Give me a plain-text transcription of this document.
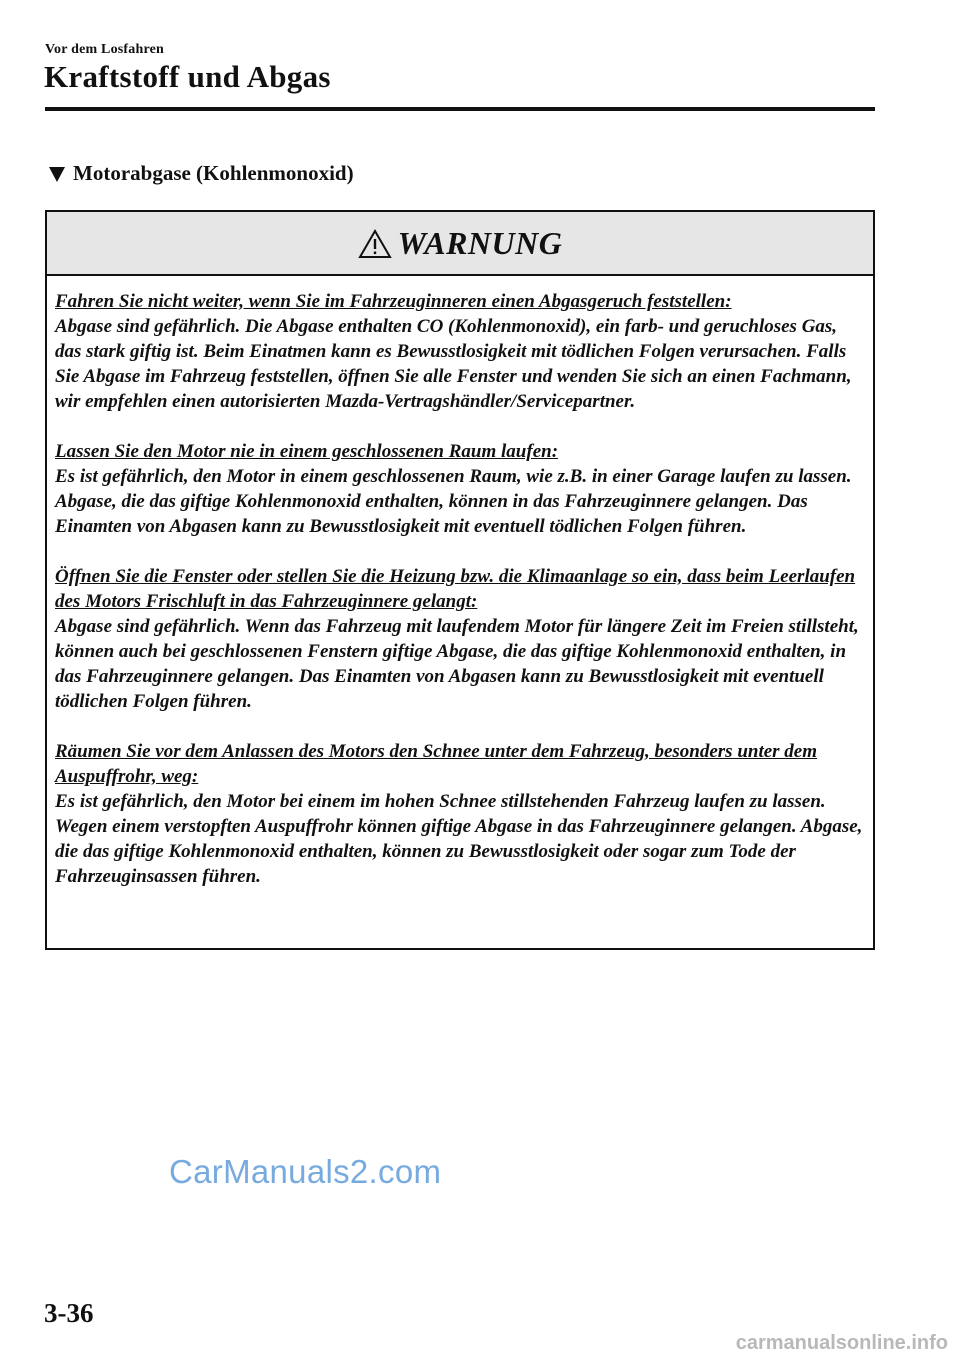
Vor dem Losfahren
Kraftstoff und Abgas
Motorabgase (Kohlenmonoxid)
WARNUNG
Fahren Sie nicht weiter, wenn Sie im Fahrzeuginneren einen Abgasgeruch feststellen:
Abgase sind gefährlich. Die Abgase enthalten CO (Kohlenmonoxid), ein farb- und geruchloses Gas, das stark giftig ist. Beim Einatmen kann es Bewusstlosigkeit mit tödlichen Folgen verursachen. Falls Sie Abgase im Fahrzeug feststellen, öffnen Sie alle Fenster und wenden Sie sich an einen Fachmann, wir empfehlen einen autorisierten Mazda-Vertragshändler/Servicepartner.
Lassen Sie den Motor nie in einem geschlossenen Raum laufen:
Es ist gefährlich, den Motor in einem geschlossenen Raum, wie z.B. in einer Garage laufen zu lassen. Abgase, die das giftige Kohlenmonoxid enthalten, können in das Fahrzeuginnere gelangen. Das Einamten von Abgasen kann zu Bewusstlosigkeit mit eventuell tödlichen Folgen führen.
Öffnen Sie die Fenster oder stellen Sie die Heizung bzw. die Klimaanlage so ein, dass beim Leerlaufen des Motors Frischluft in das Fahrzeuginnere gelangt:
Abgase sind gefährlich. Wenn das Fahrzeug mit laufendem Motor für längere Zeit im Freien stillsteht, können auch bei geschlossenen Fenstern giftige Abgase, die das giftige Kohlenmonoxid enthalten, in das Fahrzeuginnere gelangen. Das Einamten von Abgasen kann zu Bewusstlosigkeit mit eventuell tödlichen Folgen führen.
Räumen Sie vor dem Anlassen des Motors den Schnee unter dem Fahrzeug, besonders unter dem Auspuffrohr, weg:
Es ist gefährlich, den Motor bei einem im hohen Schnee stillstehenden Fahrzeug laufen zu lassen. Wegen einem verstopften Auspuffrohr können giftige Abgase in das Fahrzeuginnere gelangen. Abgase, die das giftige Kohlenmonoxid enthalten, können zu Bewusstlosigkeit oder sogar zum Tode der Fahrzeuginsassen führen.
CarManuals2.com
3-36
carmanualsonline.info
